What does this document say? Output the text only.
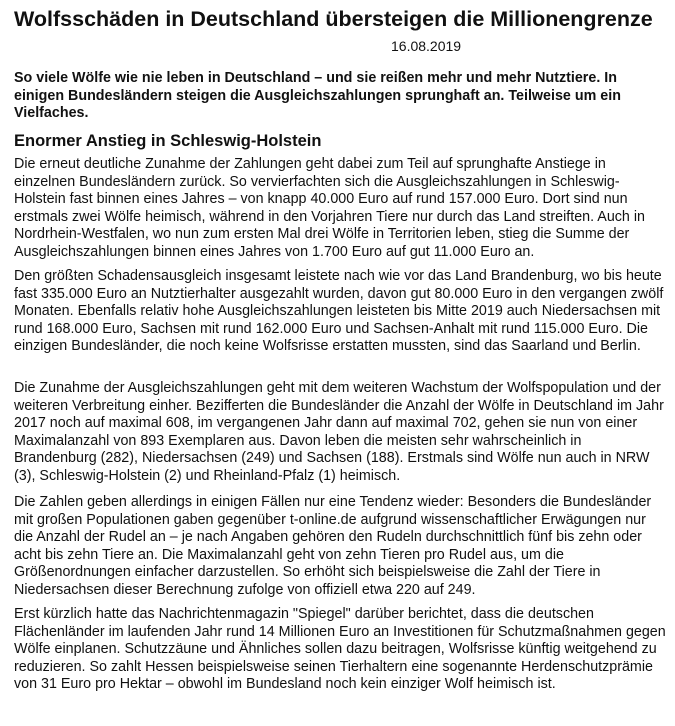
Wolfsschäden in Deutschland übersteigen die Millionengrenze
16.08.2019

So viele Wölfe wie nie leben in Deutschland – und sie reißen mehr und mehr Nutztiere. In einigen Bundesländern steigen die Ausgleichszahlungen sprunghaft an. Teilweise um ein Vielfaches.

Enormer Anstieg in Schleswig-Holstein

Die erneut deutliche Zunahme der Zahlungen geht dabei zum Teil auf sprunghafte Anstiege in einzelnen Bundesländern zurück. So vervierfachten sich die Ausgleichszahlungen in Schleswig-Holstein fast binnen eines Jahres – von knapp 40.000 Euro auf rund 157.000 Euro. Dort sind nun erstmals zwei Wölfe heimisch, während in den Vorjahren Tiere nur durch das Land streiften. Auch in Nordrhein-Westfalen, wo nun zum ersten Mal drei Wölfe in Territorien leben, stieg die Summe der Ausgleichszahlungen binnen eines Jahres von 1.700 Euro auf gut 11.000 Euro an.

Den größten Schadensausgleich insgesamt leistete nach wie vor das Land Brandenburg, wo bis heute fast 335.000 Euro an Nutztierhalter ausgezahlt wurden, davon gut 80.000 Euro in den vergangen zwölf Monaten. Ebenfalls relativ hohe Ausgleichszahlungen leisteten bis Mitte 2019 auch Niedersachsen mit rund 168.000 Euro, Sachsen mit rund 162.000 Euro und Sachsen-Anhalt mit rund 115.000 Euro. Die einzigen Bundesländer, die noch keine Wolfsrisse erstatten mussten, sind das Saarland und Berlin.

Die Zunahme der Ausgleichszahlungen geht mit dem weiteren Wachstum der Wolfspopulation und der weiteren Verbreitung einher. Bezifferten die Bundesländer die Anzahl der Wölfe in Deutschland im Jahr 2017 noch auf maximal 608, im vergangenen Jahr dann auf maximal 702, gehen sie nun von einer Maximalanzahl von 893 Exemplaren aus. Davon leben die meisten sehr wahrscheinlich in Brandenburg (282), Niedersachsen (249) und Sachsen (188). Erstmals sind Wölfe nun auch in NRW (3), Schleswig-Holstein (2) und Rheinland-Pfalz (1) heimisch.

Die Zahlen geben allerdings in einigen Fällen nur eine Tendenz wieder: Besonders die Bundesländer mit großen Populationen gaben gegenüber t-online.de aufgrund wissenschaftlicher Erwägungen nur die Anzahl der Rudel an – je nach Angaben gehören den Rudeln durchschnittlich fünf bis zehn oder acht bis zehn Tiere an. Die Maximalanzahl geht von zehn Tieren pro Rudel aus, um die Größenordnungen einfacher darzustellen. So erhöht sich beispielsweise die Zahl der Tiere in Niedersachsen dieser Berechnung zufolge von offiziell etwa 220 auf 249.

Erst kürzlich hatte das Nachrichtenmagazin "Spiegel" darüber berichtet, dass die deutschen Flächenländer im laufenden Jahr rund 14 Millionen Euro an Investitionen für Schutzmaßnahmen gegen Wölfe einplanen. Schutzzäune und Ähnliches sollen dazu beitragen, Wolfsrisse künftig weitgehend zu reduzieren. So zahlt Hessen beispielsweise seinen Tierhaltern eine sogenannte Herdenschutzprämie von 31 Euro pro Hektar – obwohl im Bundesland noch kein einziger Wolf heimisch ist.
